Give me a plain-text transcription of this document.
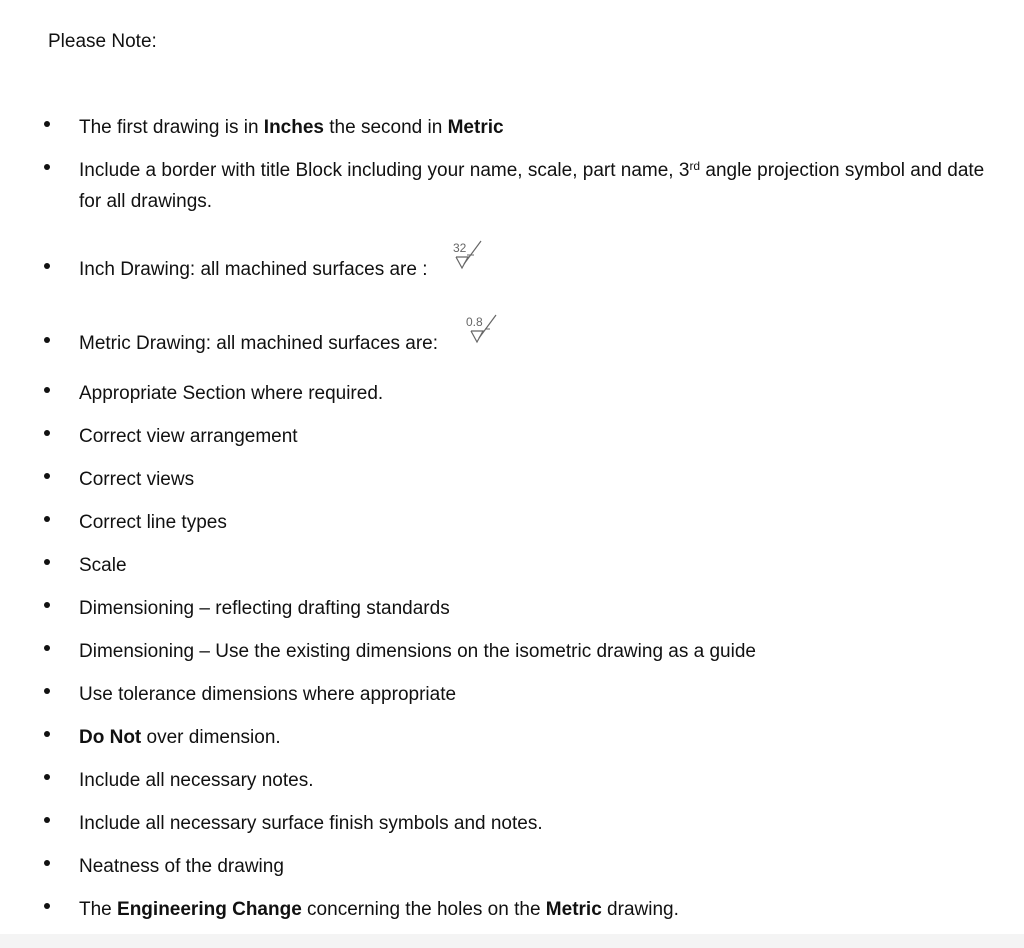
Please Note:
The first drawing is in Inches the second in Metric
Include a border with title Block including your name, scale, part name, 3rd angle projection symbol and date for all drawings.
Inch Drawing: all machined surfaces are :
Metric Drawing: all machined surfaces are:
Appropriate Section where required.
Correct view arrangement
Correct views
Correct line types
Scale
Dimensioning – reflecting drafting standards
Dimensioning – Use the existing dimensions on the isometric drawing as a guide
Use tolerance dimensions where appropriate
Do Not over dimension.
Include all necessary notes.
Include all necessary surface finish symbols and notes.
Neatness of the drawing
The Engineering Change concerning the holes on the Metric drawing.
32
0.8
